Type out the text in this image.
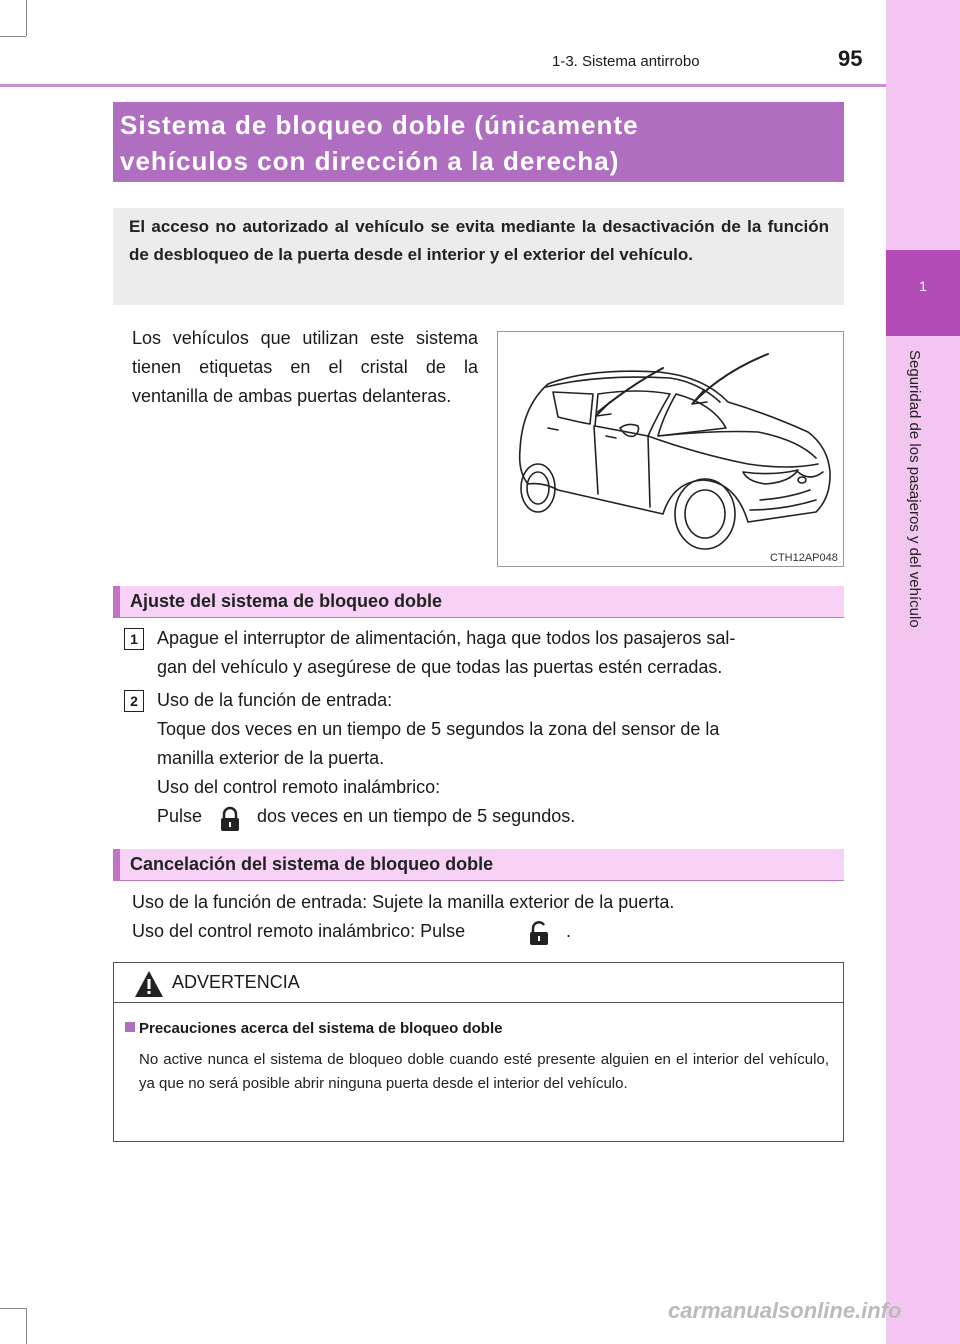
1
Seguridad de los pasajeros y del vehículo
1-3. Sistema antirrobo	95
Sistema de bloqueo doble (únicamente
vehículos con dirección a la derecha)
El acceso no autorizado al vehículo se evita mediante la desactivación de la función de desbloqueo de la puerta desde el interior y el exterior del vehículo.
Los vehículos que utilizan este sistema tienen etiquetas en el cristal de la ventanilla de ambas puertas delanteras.
CTH12AP048
Ajuste del sistema de bloqueo doble
1	Apague el interruptor de alimentación, haga que todos los pasajeros sal-
gan del vehículo y asegúrese de que todas las puertas estén cerradas.
2	Uso de la función de entrada:
Toque dos veces en un tiempo de 5 segundos la zona del sensor de la
manilla exterior de la puerta.
Uso del control remoto inalámbrico:
Pulse	dos veces en un tiempo de 5 segundos.
Cancelación del sistema de bloqueo doble
Uso de la función de entrada: Sujete la manilla exterior de la puerta.
Uso del control remoto inalámbrico: Pulse	.
ADVERTENCIA
Precauciones acerca del sistema de bloqueo doble
No active nunca el sistema de bloqueo doble cuando esté presente alguien en el interior del vehículo, ya que no será posible abrir ninguna puerta desde el interior del vehículo.
carmanualsonline.info
